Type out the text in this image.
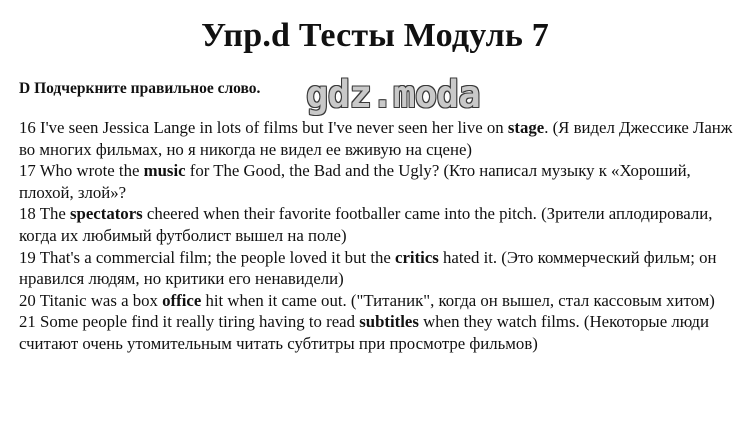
Упр.d Тесты Модуль 7
D Подчеркните правильное слово. gdz.moda
16 I've seen Jessica Lange in lots of films but I've never seen her live on stage. (Я видел Джессике Ланж во многих фильмах, но я никогда не видел ее вживую на сцене)
17 Who wrote the music for The Good, the Bad and the Ugly? (Кто написал музыку к «Хороший, плохой, злой»?
18 The spectators cheered when their favorite footballer came into the pitch. (Зрители аплодировали, когда их любимый футболист вышел на поле)
19 That's a commercial film; the people loved it but the critics hated it. (Это коммерческий фильм; он нравился людям, но критики его ненавидели)
20 Titanic was a box office hit when it came out. ("Титаник", когда он вышел, стал кассовым хитом)
21 Some people find it really tiring having to read subtitles when they watch films. (Некоторые люди считают очень утомительным читать субтитры при просмотре фильмов)
